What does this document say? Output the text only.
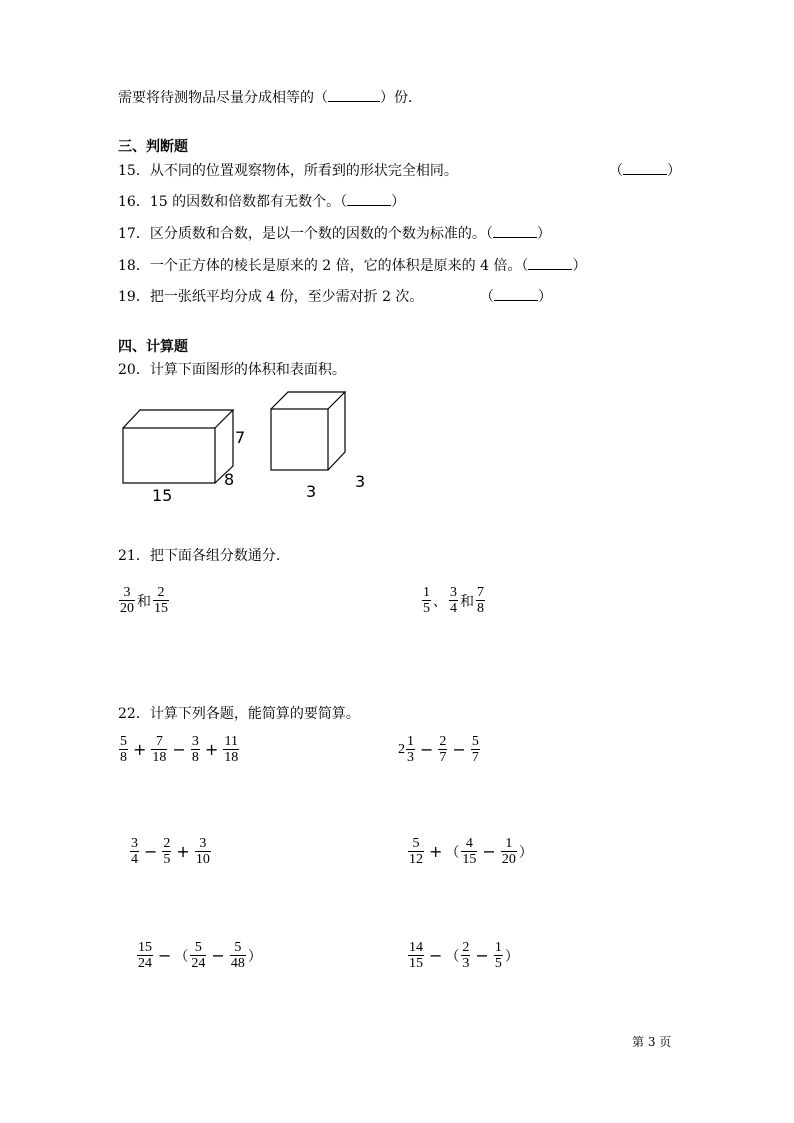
需要将待测物品尽量分成相等的（	）份．
三、判断题
15．从不同的位置观察物体，所看到的形状完全相同。	（	）
16．15 的因数和倍数都有无数个。（	）
17．区分质数和合数，是以一个数的因数的个数为标准的。（	）
18．一个正方体的棱长是原来的 2 倍，它的体积是原来的 4 倍。（	）
19．把一张纸平均分成 4 份，至少需对折 2 次。	（	）
四、计算题
20．计算下面图形的体积和表面积。
7
8
15	3
3
21．把下面各组分数通分.
$\frac{3}{20}$ 和 $\frac{2}{15}$	$\frac{1}{5}$ 、 $\frac{3}{4}$ 和 $\frac{7}{8}$
22．计算下列各题，能简算的要简算。
$\frac{5}{8} + \frac{7}{18} - \frac{3}{8} + \frac{11}{18}$	$2 \frac{1}{3} - \frac{2}{7} - \frac{5}{7}$
$\frac{3}{4} - \frac{2}{5} + \frac{3}{10}$	$\frac{5}{12}$ + （ $\frac{4}{15} - \frac{1}{20}$ ）
$\frac{15}{24}$ − （ $\frac{5}{24} - \frac{5}{48}$ ）	$\frac{14}{15}$ − （ $\frac{2}{3} - \frac{1}{5}$ ）
第 3 页
